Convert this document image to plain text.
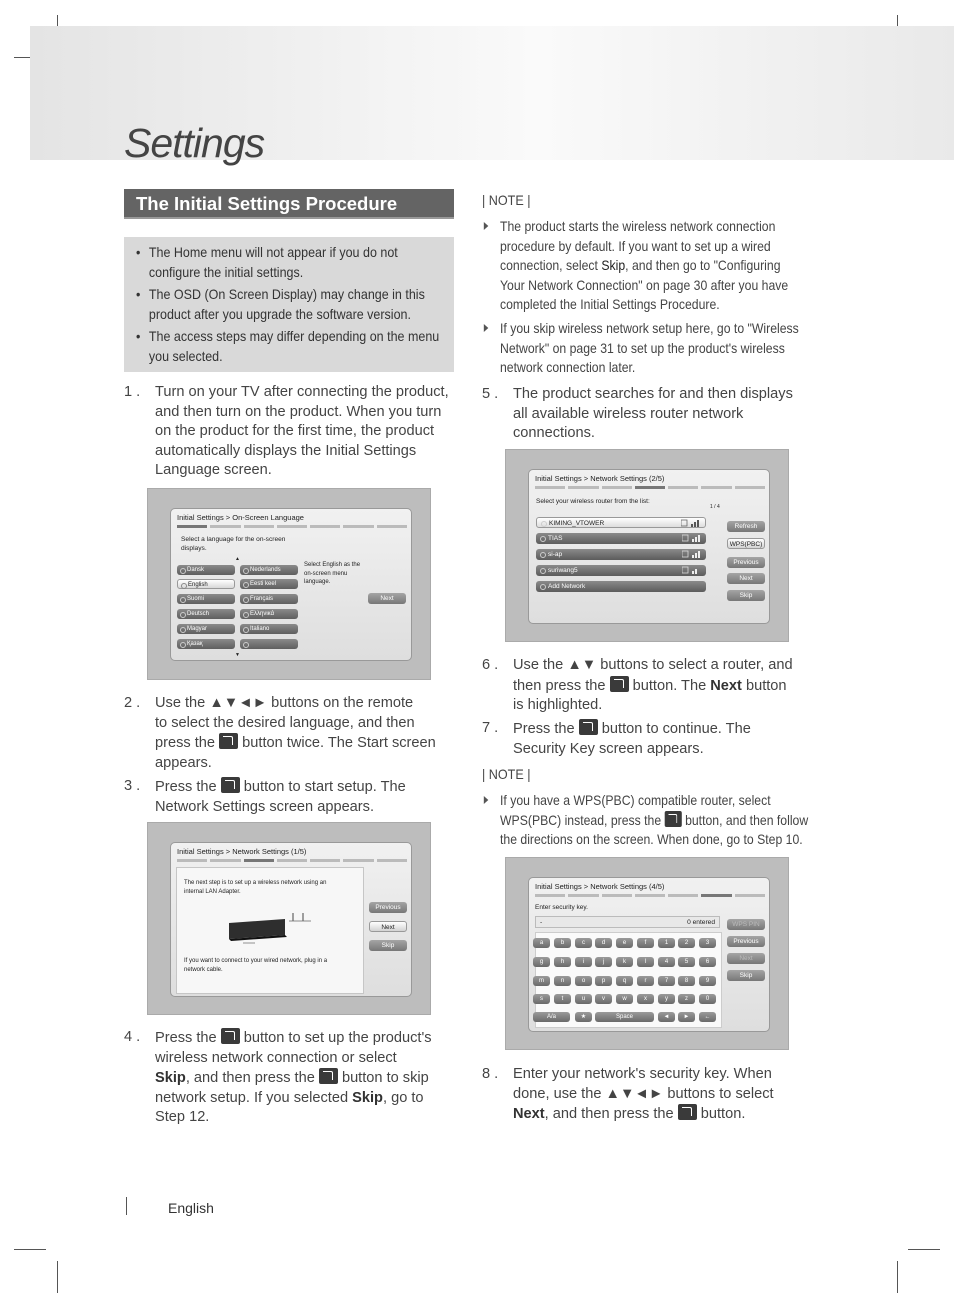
Settings
The Initial Settings Procedure
• The Home menu will not appear if you do not configure the initial settings.
• The OSD (On Screen Display) may change in this product after you upgrade the software version.
• The access steps may differ depending on the menu you selected.
1 .	Turn on your TV after connecting the product,
and then turn on the product. When you turn
on the product for the first time, the product
automatically displays the Initial Settings
Language screen.
Initial Settings > On-Screen Language
Select a language for the on-screen
displays.
▲
Dansk
English
Suomi
Deutsch
Magyar
Қазақ
Nederlands
Eesti keel
Français
Ελληνικά
Italiano
▼
Select English as the
on-screen menu
language.
Next
2 .	Use the ▲▼◄► buttons on the remote
to select the desired language, and then
press the button twice. The Start screen
appears.
3 .	Press the button to start setup. The
Network Settings screen appears.
Initial Settings > Network Settings (1/5)
The next step is to set up a wireless network using an
internal LAN Adapter.
If you want to connect to your wired network, plug in a
network cable.
Previous
Next
Skip
4 .	Press the button to set up the product's
wireless network connection or select
Skip, and then press the button to skip
network setup. If you selected Skip, go to
Step 12.
| NOTE |
The product starts the wireless network connection
procedure by default. If you want to set up a wired
connection, select Skip, and then go to "Configuring
Your Network Connection" on page 30 after you have
completed the Initial Settings Procedure.
If you skip wireless network setup here, go to "Wireless
Network" on page 31 to set up the product's wireless
network connection later.
5 .	The product searches for and then displays
all available wireless router network
connections.
Initial Settings > Network Settings (2/5)
Select your wireless router from the list:
1 / 4
KIMING_VTOWER
TIAS
si-ap
suriwang5
Add Network
Refresh
WPS(PBC)
Previous
Next
Skip
6 .	Use the ▲▼ buttons to select a router, and
then press the button. The Next button
is highlighted.
7 .	Press the button to continue. The
Security Key screen appears.
| NOTE |
If you have a WPS(PBC) compatible router, select
WPS(PBC) instead, press the button, and then follow
the directions on the screen. When done, go to Step 10.
Initial Settings > Network Settings (4/5)
Enter security key.
-	0 entered
a	b	c	d	e	f	1	2	3
g	h	i	j	k	l	4	5	6
m	n	o	p	q	r	7	8	9
s	t	u	v	w	x	y	z	0
A/a	★	Space	◄	►	←
WPS PIN
Previous
Next
Skip
8 .	Enter your network's security key. When
done, use the ▲▼◄► buttons to select
Next, and then press the button.
English
